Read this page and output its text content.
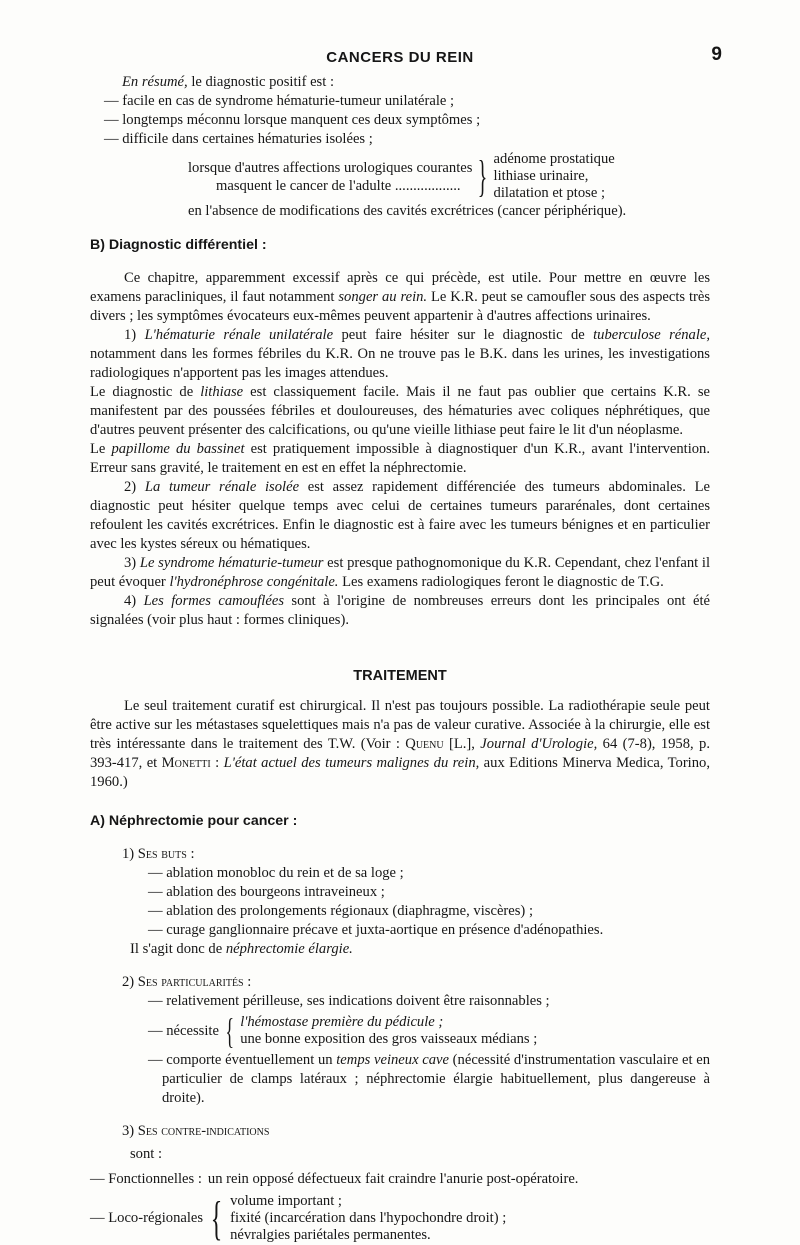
CANCERS DU REIN	9

En résumé, le diagnostic positif est :

— facile en cas de syndrome hématurie-tumeur unilatérale ;

— longtemps méconnu lorsque manquent ces deux symptômes ;

— difficile dans certaines hématuries isolées ;

lorsque d'autres affections urologiques courantes
masquent le cancer de l'adulte .................. } adénome prostatique
lithiase urinaire,
dilatation et ptose ;

en l'absence de modifications des cavités excrétrices (cancer périphérique).

B) Diagnostic différentiel :

Ce chapitre, apparemment excessif après ce qui précède, est utile. Pour mettre en œuvre les examens paracliniques, il faut notamment songer au rein. Le K.R. peut se camoufler sous des aspects très divers ; les symptômes évocateurs eux-mêmes peuvent appartenir à d'autres affections urinaires.

1) L'hématurie rénale unilatérale peut faire hésiter sur le diagnostic de tuberculose rénale, notamment dans les formes fébriles du K.R. On ne trouve pas le B.K. dans les urines, les investigations radiologiques n'apportent pas les images attendues.

Le diagnostic de lithiase est classiquement facile. Mais il ne faut pas oublier que certains K.R. se manifestent par des poussées fébriles et douloureuses, des hématuries avec coliques néphrétiques, que d'autres peuvent présenter des calcifications, ou qu'une vieille lithiase peut faire le lit d'un néoplasme.

Le papillome du bassinet est pratiquement impossible à diagnostiquer d'un K.R., avant l'intervention. Erreur sans gravité, le traitement en est en effet la néphrectomie.

2) La tumeur rénale isolée est assez rapidement différenciée des tumeurs abdominales. Le diagnostic peut hésiter quelque temps avec celui de certaines tumeurs pararénales, dont certaines refoulent les cavités excrétrices. Enfin le diagnostic est à faire avec les tumeurs bénignes et en particulier avec les kystes séreux ou hématiques.

3) Le syndrome hématurie-tumeur est presque pathognomonique du K.R. Cependant, chez l'enfant il peut évoquer l'hydronéphrose congénitale. Les examens radiologiques feront le diagnostic de T.G.

4) Les formes camouflées sont à l'origine de nombreuses erreurs dont les principales ont été signalées (voir plus haut : formes cliniques).

TRAITEMENT

Le seul traitement curatif est chirurgical. Il n'est pas toujours possible. La radiothérapie seule peut être active sur les métastases squelettiques mais n'a pas de valeur curative. Associée à la chirurgie, elle est très intéressante dans le traitement des T.W. (Voir : Quenu [L.], Journal d'Urologie, 64 (7-8), 1958, p. 393-417, et Monetti : L'état actuel des tumeurs malignes du rein, aux Editions Minerva Medica, Torino, 1960.)

A) Néphrectomie pour cancer :

1) Ses buts :

— ablation monobloc du rein et de sa loge ;

— ablation des bourgeons intraveineux ;

— ablation des prolongements régionaux (diaphragme, viscères) ;

— curage ganglionnaire précave et juxta-aortique en présence d'adénopathies.

Il s'agit donc de néphrectomie élargie.

2) Ses particularités :

— relativement périlleuse, ses indications doivent être raisonnables ;

— nécessite { l'hémostase première du pédicule ;
une bonne exposition des gros vaisseaux médians ;

— comporte éventuellement un temps veineux cave (nécessité d'instrumentation vasculaire et en particulier de clamps latéraux ; néphrectomie élargie habituellement, plus dangereuse à droite).

3) Ses contre-indications

sont :

— Fonctionnelles : un rein opposé défectueux fait craindre l'anurie post-opératoire.
— Loco-régionales { volume important ;
fixité (incarcération dans l'hypochondre droit) ;
névralgies pariétales permanentes.
